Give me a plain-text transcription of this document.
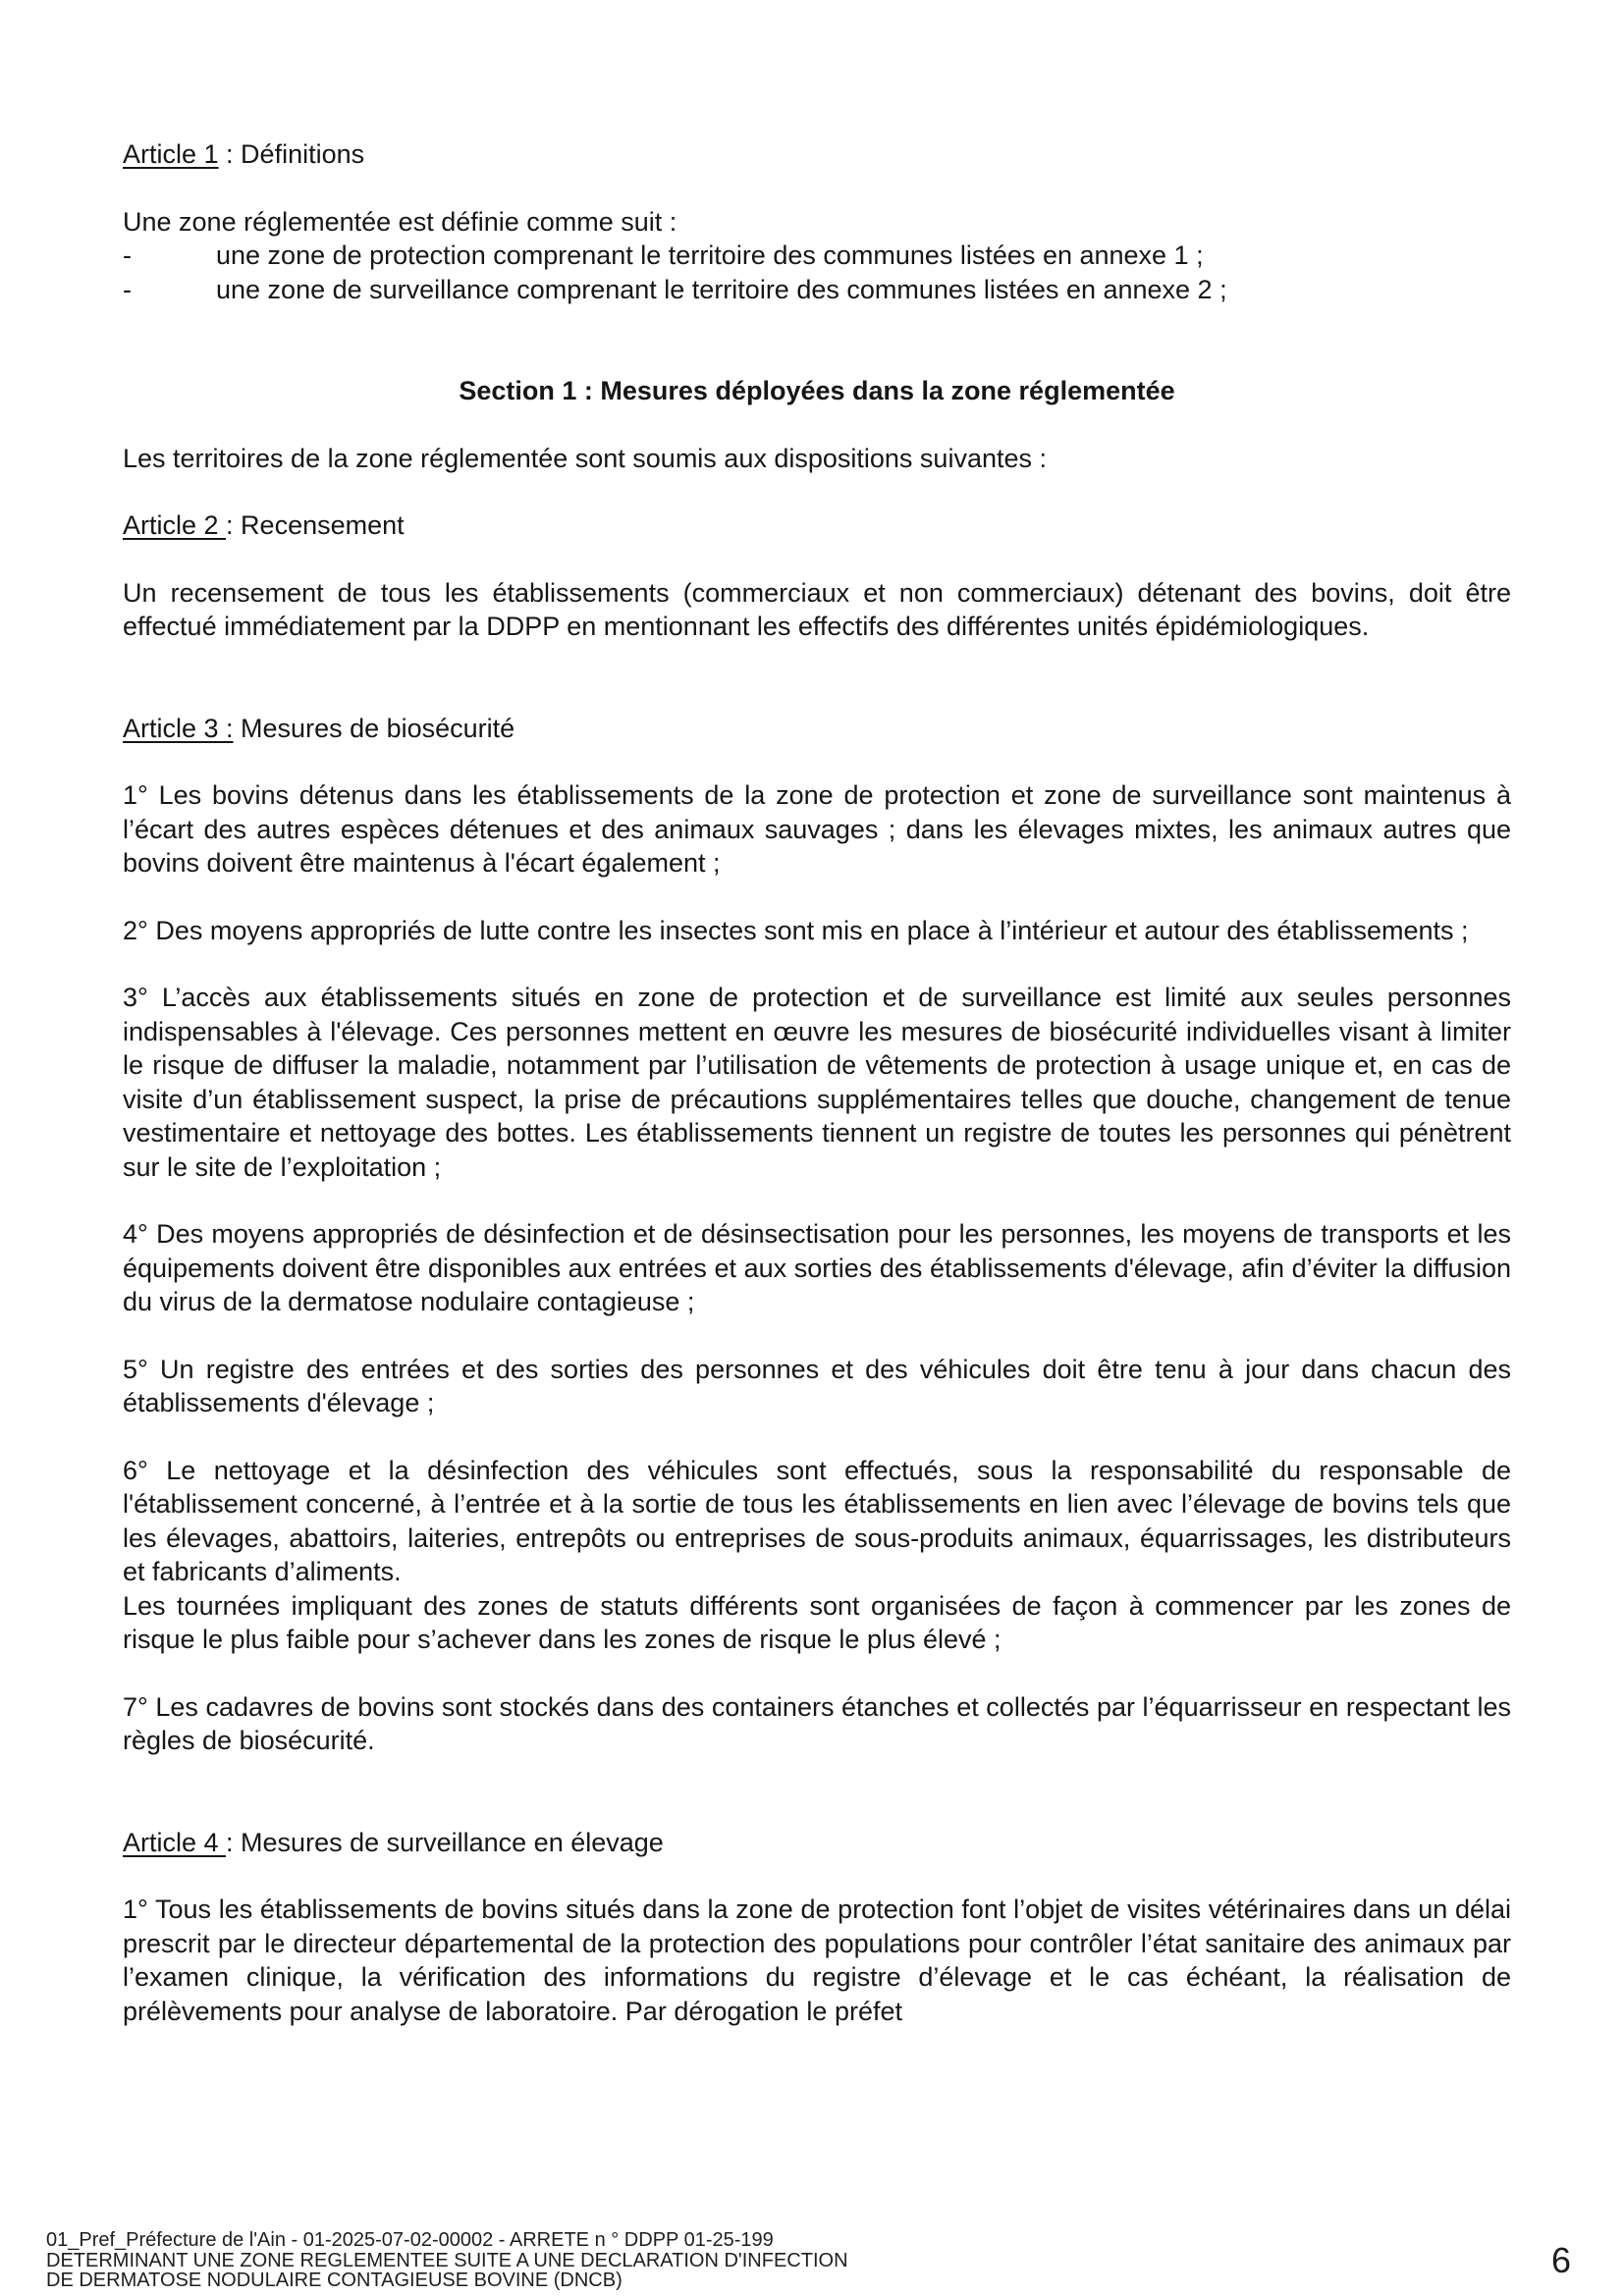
Article 1 : Définitions

Une zone réglementée est définie comme suit :

-	une zone de protection comprenant le territoire des communes listées en annexe 1 ;

-	une zone de surveillance comprenant le territoire des communes listées en annexe 2 ;

Section 1 : Mesures déployées dans la zone réglementée

Les territoires de la zone réglementée sont soumis aux dispositions suivantes :

Article 2 : Recensement

Un recensement de tous les établissements (commerciaux et non commerciaux) détenant des bovins, doit être effectué immédiatement par la DDPP en mentionnant les effectifs des différentes unités épidémiologiques.

Article 3 : Mesures de biosécurité

1° Les bovins détenus dans les établissements de la zone de protection et zone de surveillance sont maintenus à l’écart des autres espèces détenues et des animaux sauvages ; dans les élevages mixtes, les animaux autres que bovins doivent être maintenus à l'écart également ;

2° Des moyens appropriés de lutte contre les insectes sont mis en place à l’intérieur et autour des établissements ;

3° L’accès aux établissements situés en zone de protection et de surveillance est limité aux seules personnes indispensables à l'élevage. Ces personnes mettent en œuvre les mesures de biosécurité individuelles visant à limiter le risque de diffuser la maladie, notamment par l’utilisation de vêtements de protection à usage unique et, en cas de visite d’un établissement suspect, la prise de précautions supplémentaires telles que douche, changement de tenue vestimentaire et nettoyage des bottes. Les établissements tiennent un registre de toutes les personnes qui pénètrent sur le site de l’exploitation ;

4° Des moyens appropriés de désinfection et de désinsectisation pour les personnes, les moyens de transports et les équipements doivent être disponibles aux entrées et aux sorties des établissements d'élevage, afin d’éviter la diffusion du virus de la dermatose nodulaire contagieuse ;

5° Un registre des entrées et des sorties des personnes et des véhicules doit être tenu à jour dans chacun des établissements d'élevage ;

6° Le nettoyage et la désinfection des véhicules sont effectués, sous la responsabilité du responsable de l'établissement concerné, à l’entrée et à la sortie de tous les établissements en lien avec l’élevage de bovins tels que les élevages, abattoirs, laiteries, entrepôts ou entreprises de sous-produits animaux, équarrissages, les distributeurs et fabricants d’aliments.

Les tournées impliquant des zones de statuts différents sont organisées de façon à commencer par les zones de risque le plus faible pour s’achever dans les zones de risque le plus élevé ;

7° Les cadavres de bovins sont stockés dans des containers étanches et collectés par l’équarrisseur en respectant les règles de biosécurité.

Article 4 : Mesures de surveillance en élevage

1° Tous les établissements de bovins situés dans la zone de protection font l’objet de visites vétérinaires dans un délai prescrit par le directeur départemental de la protection des populations pour contrôler l’état sanitaire des animaux par l’examen clinique, la vérification des informations du registre d’élevage et le cas échéant, la réalisation de prélèvements pour analyse de laboratoire. Par dérogation le préfet

01_Pref_Préfecture de l'Ain - 01-2025-07-02-00002 - ARRETE n ° DDPP 01-25-199
DETERMINANT UNE ZONE REGLEMENTEE SUITE A UNE DECLARATION D'INFECTION
DE DERMATOSE NODULAIRE CONTAGIEUSE BOVINE (DNCB)	6
